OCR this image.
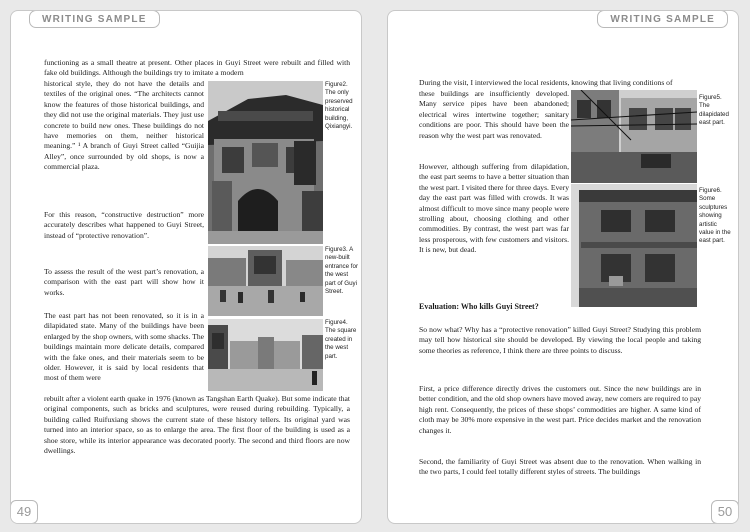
WRITING SAMPLE

functioning as a small theatre at present. Other places in Guyi Street were rebuilt and filled with fake old buildings. Although the buildings try to imitate a modern

historical style, they do not have the details and textiles of the original ones. “The architects cannot know the features of those historical buildings, and they did not use the original materials. They just use concrete to build new ones. These buildings do not have memories on them, neither historical meaning.” ¹ A branch of Guyi Street called “Guijia Alley”, once surrounded by old shops, is now a commercial plaza.

For this reason, “constructive destruction” more accurately describes what happened to Guyi Street, instead of “protective renovation”.

To assess the result of the west part’s renovation, a comparison with the east part will show how it works.

The east part has not been renovated, so it is in a dilapidated state. Many of the buildings have been enlarged by the shop owners, with some shacks. The buildings maintain more delicate details, compared with the fake ones, and their materials seem to be older. However, it is said by local residents that most of them were

rebuilt after a violent earth quake in 1976 (known as Tangshan Earth Quake). But some indicate that original components, such as bricks and sculptures, were reused during rebuilding. Typically, a building called Ruifuxiang shows the current state of these history tellers. Its original yard was turned into an interior space, so as to enlarge the area. The first floor of the building is used as a shoe store, while its interior appearance was decorated poorly. The second and third floors are now dwellings.

Figure2. The only preserved historical building, Qixiangyi.

Figure3. A new-built entrance for the west part of Guyi Street.

Figure4. The square created in the west part.

49
WRITING SAMPLE

During the visit, I interviewed the local residents, knowing that living conditions of

these buildings are insufficiently developed. Many service pipes have been abandoned; electrical wires intertwine together; sanitary conditions are poor. This should have been the reason why the west part was renovated.

However, although suffering from dilapidation, the east part seems to have a better situation than the west part. I visited there for three days. Every day the east part was filled with crowds. It was almost difficult to move since many people were strolling about, choosing clothing and other commodities. By contrast, the west part was far less prosperous, with few customers and visitors. It is new, but dead.

Evaluation: Who kills Guyi Street?

So now what? Why has a “protective renovation” killed Guyi Street? Studying this problem may tell how historical site should be developed. By viewing the local people and taking some theories as reference, I think there are three points to discuss.

First, a price difference directly drives the customers out. Since the new buildings are in better condition, and the old shop owners have moved away, new comers are required to pay high rent. Consequently, the prices of these shops’ commodities are higher. A same kind of cloth may be 30% more expensive in the west part. Price decides market and the renovation changes it.

Second, the familiarity of Guyi Street was absent due to the renovation. When walking in the two parts, I could feel totally different styles of streets. The buildings

Figure5. The dilapidated east part.

Figure6. Some sculptures showing artistic value in the east part.

50
